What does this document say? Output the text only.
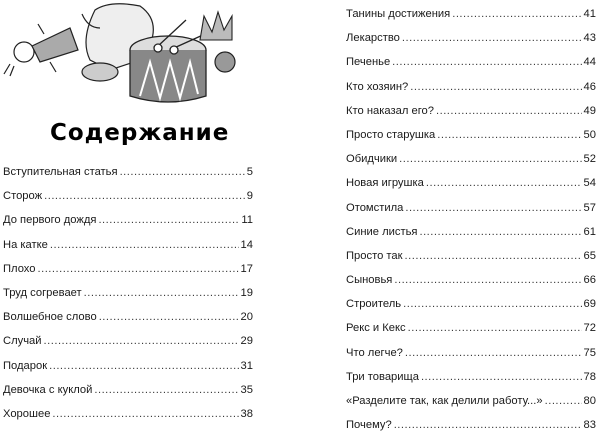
Содержание
Вступительная статья .....	5
Сторож .....	9
До первого дождя .....	11
На катке .....	14
Плохо .....	17
Труд согревает .....	19
Волшебное слово .....	20
Случай .....	29
Подарок .....	31
Девочка с куклой .....	35
Хорошее .....	38
Танины достижения .....	41
Лекарство .....	43
Печенье .....	44
Кто хозяин? .....	46
Кто наказал его? .....	49
Просто старушка .....	50
Обидчики .....	52
Новая игрушка .....	54
Отомстила .....	57
Синие листья .....	61
Просто так .....	65
Сыновья .....	66
Строитель .....	69
Рекс и Кекс .....	72
Что легче? .....	75
Три товарища .....	78
«Разделите так, как делили работу...» .....	80
Почему? .....	83
